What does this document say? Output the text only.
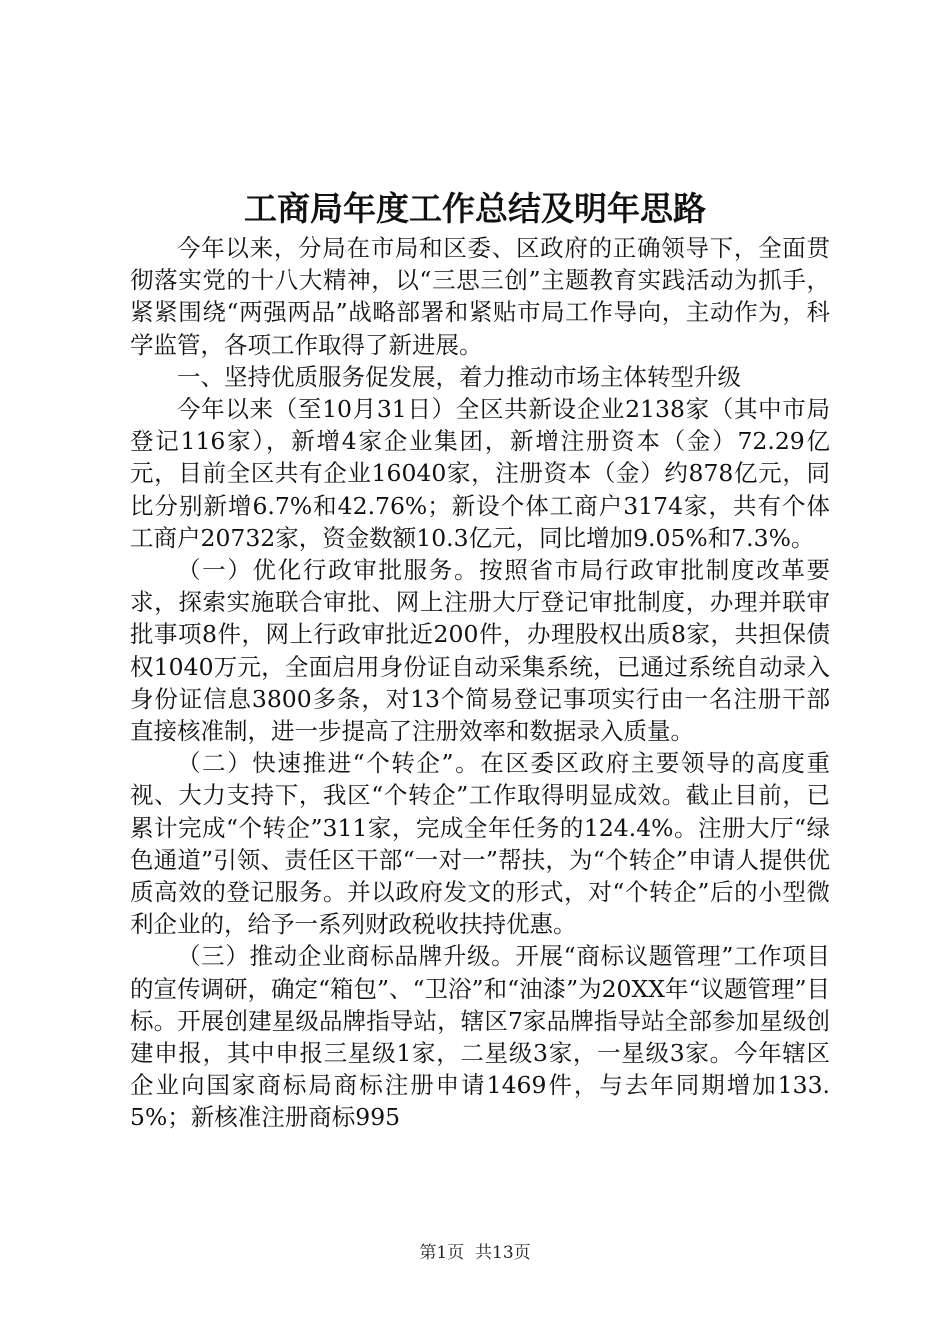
工商局年度工作总结及明年思路

今年以来，分局在市局和区委、区政府的正确领导下，全面贯彻落实党的十八大精神，以“三思三创”主题教育实践活动为抓手，紧紧围绕“两强两品”战略部署和紧贴市局工作导向，主动作为，科学监管，各项工作取得了新进展。

一、坚持优质服务促发展，着力推动市场主体转型升级

今年以来（至10月31日）全区共新设企业2138家（其中市局登记116家），新增4家企业集团，新增注册资本（金）72.29亿元，目前全区共有企业16040家，注册资本（金）约878亿元，同比分别新增6.7%和42.76%；新设个体工商户3174家，共有个体工商户20732家，资金数额10.3亿元，同比增加9.05%和7.3%。

（一）优化行政审批服务。按照省市局行政审批制度改革要求，探索实施联合审批、网上注册大厅登记审批制度，办理并联审批事项8件，网上行政审批近200件，办理股权出质8家，共担保债权1040万元，全面启用身份证自动采集系统，已通过系统自动录入身份证信息3800多条，对13个简易登记事项实行由一名注册干部直接核准制，进一步提高了注册效率和数据录入质量。

（二）快速推进“个转企”。在区委区政府主要领导的高度重视、大力支持下，我区“个转企”工作取得明显成效。截止目前，已累计完成“个转企”311家，完成全年任务的124.4%。注册大厅“绿色通道”引领、责任区干部“一对一”帮扶，为“个转企”申请人提供优质高效的登记服务。并以政府发文的形式，对“个转企”后的小型微利企业的，给予一系列财政税收扶持优惠。

（三）推动企业商标品牌升级。开展“商标议题管理”工作项目的宣传调研，确定“箱包”、“卫浴”和“油漆”为20XX年“议题管理”目标。开展创建星级品牌指导站，辖区7家品牌指导站全部参加星级创建申报，其中申报三星级1家，二星级3家，一星级3家。今年辖区企业向国家商标局商标注册申请1469件，与去年同期增加133.5%；新核准注册商标995

第1页 共13页
